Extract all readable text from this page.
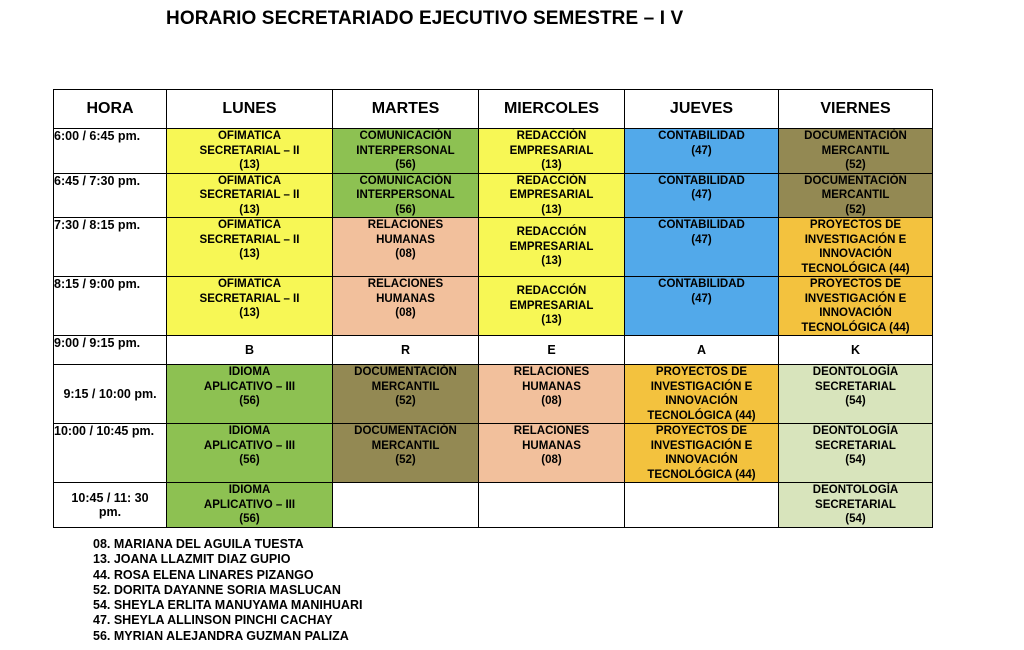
HORARIO SECRETARIADO EJECUTIVO SEMESTRE – I V
HORA	LUNES	MARTES	MIERCOLES	JUEVES	VIERNES
6:00 / 6:45 pm.	OFIMATICA
SECRETARIAL – II
(13)	COMUNICACIÓN
INTERPERSONAL
(56)	REDACCIÓN
EMPRESARIAL
(13)	CONTABILIDAD
(47)	DOCUMENTACIÓN
MERCANTIL
(52)

6:45 / 7:30 pm.	OFIMATICA
SECRETARIAL – II
(13)	COMUNICACIÓN
INTERPERSONAL
(56)	REDACCIÓN
EMPRESARIAL
(13)	CONTABILIDAD
(47)	DOCUMENTACIÓN
MERCANTIL
(52)

7:30 / 8:15 pm.	OFIMATICA
SECRETARIAL – II
(13)	RELACIONES
HUMANAS
(08)	REDACCIÓN
EMPRESARIAL
(13)	CONTABILIDAD
(47)	PROYECTOS DE
INVESTIGACIÓN E
INNOVACIÓN
TECNOLÓGICA (44)

8:15 / 9:00 pm.	OFIMATICA
SECRETARIAL – II
(13)	RELACIONES
HUMANAS
(08)	REDACCIÓN
EMPRESARIAL
(13)	CONTABILIDAD
(47)	PROYECTOS DE
INVESTIGACIÓN E
INNOVACIÓN
TECNOLÓGICA (44)

9:00 / 9:15 pm.	B	R	E	A	K
9:15 / 10:00 pm.	IDIOMA
APLICATIVO – III
(56)	DOCUMENTACIÓN
MERCANTIL
(52)	RELACIONES
HUMANAS
(08)	PROYECTOS DE
INVESTIGACIÓN E
INNOVACIÓN
TECNOLÓGICA (44)	DEONTOLOGÍA
SECRETARIAL
(54)

10:00 / 10:45 pm.	IDIOMA
APLICATIVO – III
(56)	DOCUMENTACIÓN
MERCANTIL
(52)	RELACIONES
HUMANAS
(08)	PROYECTOS DE
INVESTIGACIÓN E
INNOVACIÓN
TECNOLÓGICA (44)	DEONTOLOGÍA
SECRETARIAL
(54)

10:45 / 11: 30 pm.	IDIOMA
APLICATIVO – III
(56)				DEONTOLOGÍA
SECRETARIAL
(54)
08. MARIANA DEL AGUILA TUESTA
13. JOANA LLAZMIT DIAZ GUPIO
44. ROSA ELENA LINARES PIZANGO
52. DORITA DAYANNE SORIA MASLUCAN
54. SHEYLA ERLITA MANUYAMA MANIHUARI
47. SHEYLA ALLINSON PINCHI CACHAY
56. MYRIAN ALEJANDRA GUZMAN PALIZA
